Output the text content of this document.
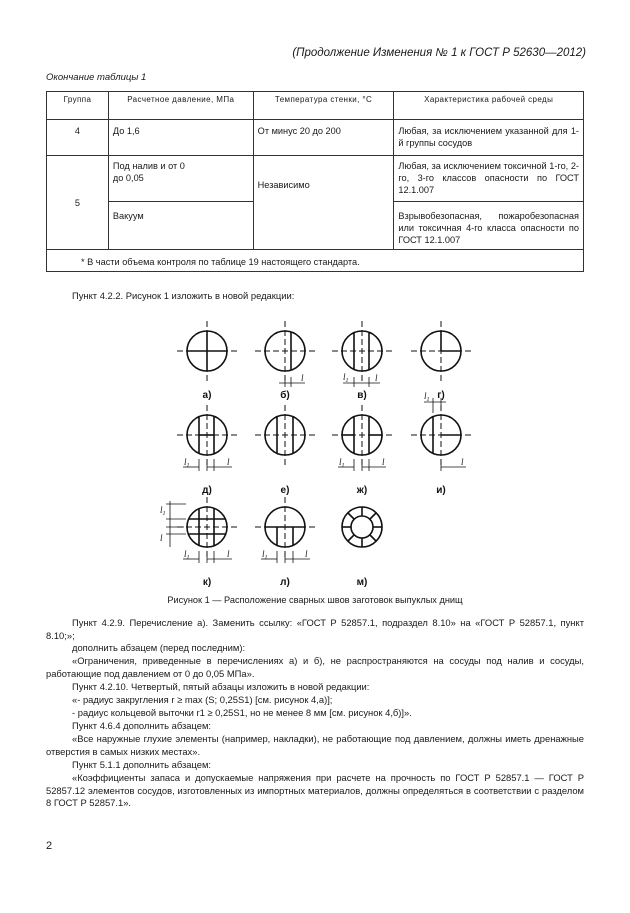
(Продолжение Изменения № 1 к ГОСТ Р 52630—2012)
Окончание таблицы 1
Группа	Расчетное давление, МПа	Температура стенки, °С	Характеристика рабочей среды
4	До 1,6	От минус 20 до 200	Любая, за исключением указанной для 1-й группы сосудов
5	Под налив и от 0 до 0,05	Независимо	Любая, за исключением токсичной 1-го, 2-го, 3-го классов опасности по ГОСТ 12.1.007
	Вакуум		Взрывобезопасная, пожаробезопасная или токсичная 4-го класса опасности по ГОСТ 12.1.007
* В части объема контроля по таблице 19 настоящего стандарта.			
Пункт 4.2.2. Рисунок 1 изложить в новой редакции:
а)	б)	в)	г)
д)	е)	ж)	и)
к)	л)	м)
l	l
$l_1$
l
$l_1$	l
$l_1$	l
$l_1$
l
$l_1$	l
$l_1$
$l_1$
l
Рисунок 1 — Расположение сварных швов заготовок выпуклых днищ
Пункт 4.2.9. Перечисление а). Заменить ссылку: «ГОСТ Р 52857.1, подраздел 8.10» на «ГОСТ Р 52857.1, пункт 8.10;»;
дополнить абзацем (перед последним):
«Ограничения, приведенные в перечислениях а) и б), не распространяются на сосуды под налив и сосуды, работающие под давлением от 0 до 0,05 МПа».
Пункт 4.2.10. Четвертый, пятый абзацы изложить в новой редакции:
«- радиус закругления r ≥ max (S; 0,25S1) [см. рисунок 4,а)];
- радиус кольцевой выточки r1 ≥ 0,25S1, но не менее 8 мм [см. рисунок 4,б)]».
Пункт 4.6.4 дополнить абзацем:
«Все наружные глухие элементы (например, накладки), не работающие под давлением, должны иметь дренажные отверстия в самых низких местах».
Пункт 5.1.1 дополнить абзацем:
«Коэффициенты запаса и допускаемые напряжения при расчете на прочность по ГОСТ Р 52857.1 — ГОСТ Р 52857.12 элементов сосудов, изготовленных из импортных материалов, должны определяться в соответствии с разделом 8 ГОСТ Р 52857.1».
2
